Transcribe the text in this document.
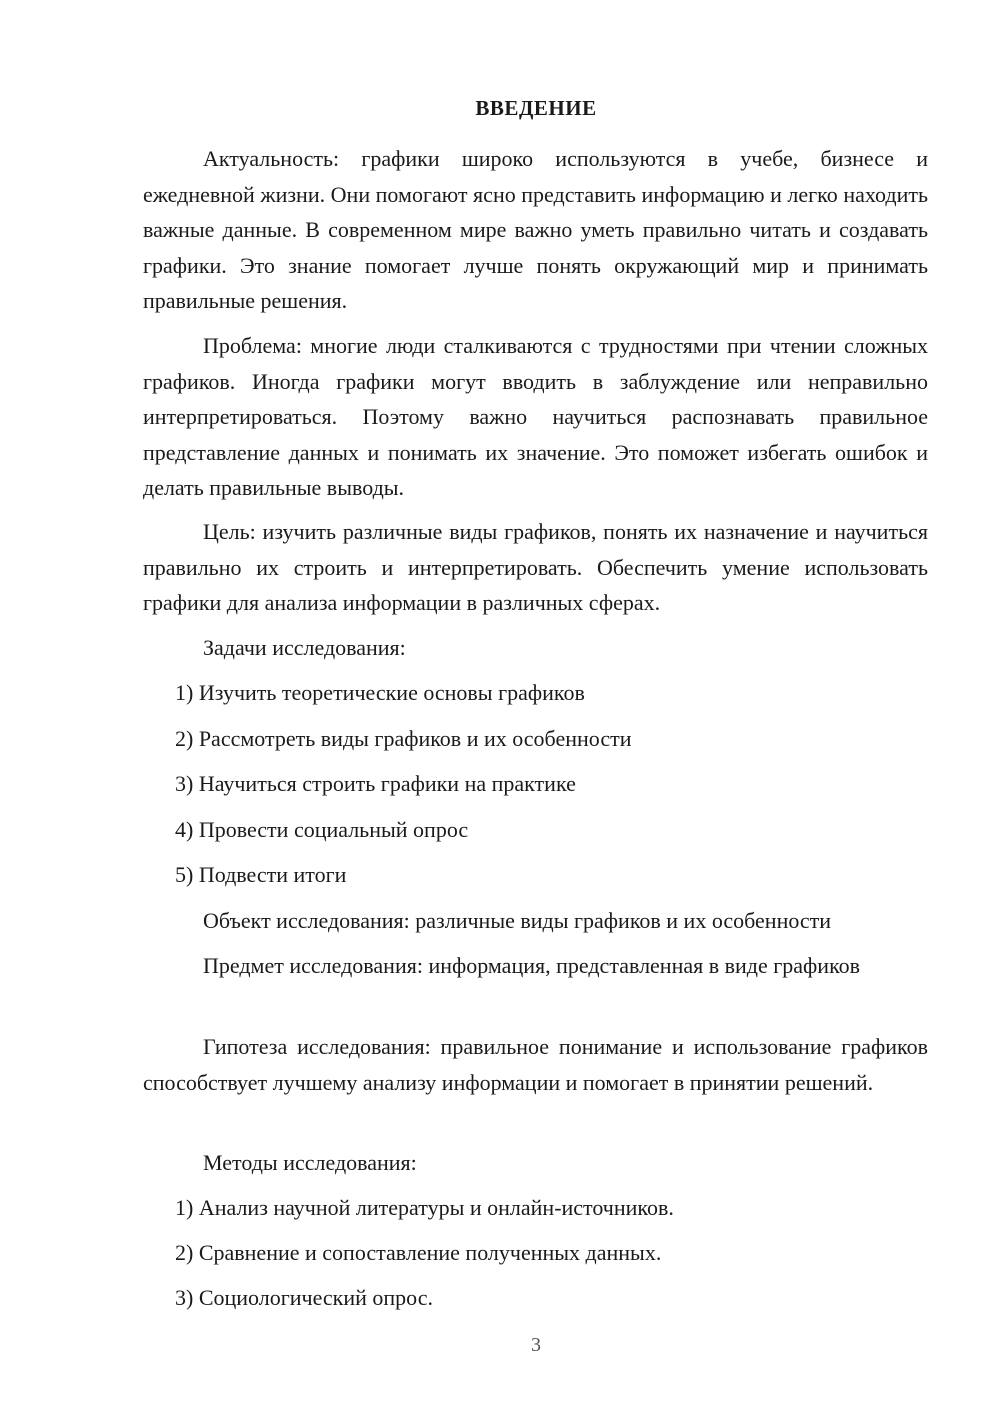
ВВЕДЕНИЕ

Актуальность: графики широко используются в учебе, бизнесе и ежедневной жизни. Они помогают ясно представить информацию и легко находить важные данные. В современном мире важно уметь правильно читать и создавать графики. Это знание помогает лучше понять окружающий мир и принимать правильные решения.

Проблема: многие люди сталкиваются с трудностями при чтении сложных графиков. Иногда графики могут вводить в заблуждение или неправильно интерпретироваться. Поэтому важно научиться распознавать правильное представление данных и понимать их значение. Это поможет избегать ошибок и делать правильные выводы.

Цель: изучить различные виды графиков, понять их назначение и научиться правильно их строить и интерпретировать. Обеспечить умение использовать графики для анализа информации в различных сферах.

Задачи исследования:

1) Изучить теоретические основы графиков

2) Рассмотреть виды графиков и их особенности

3) Научиться строить графики на практике

4) Провести социальный опрос

5) Подвести итоги

Объект исследования: различные виды графиков и их особенности

Предмет исследования: информация, представленная в виде графиков

Гипотеза исследования: правильное понимание и использование графиков способствует лучшему анализу информации и помогает в принятии решений.

Методы исследования:

1) Анализ научной литературы и онлайн-источников.

2) Сравнение и сопоставление полученных данных.

3) Социологический опрос.

3
